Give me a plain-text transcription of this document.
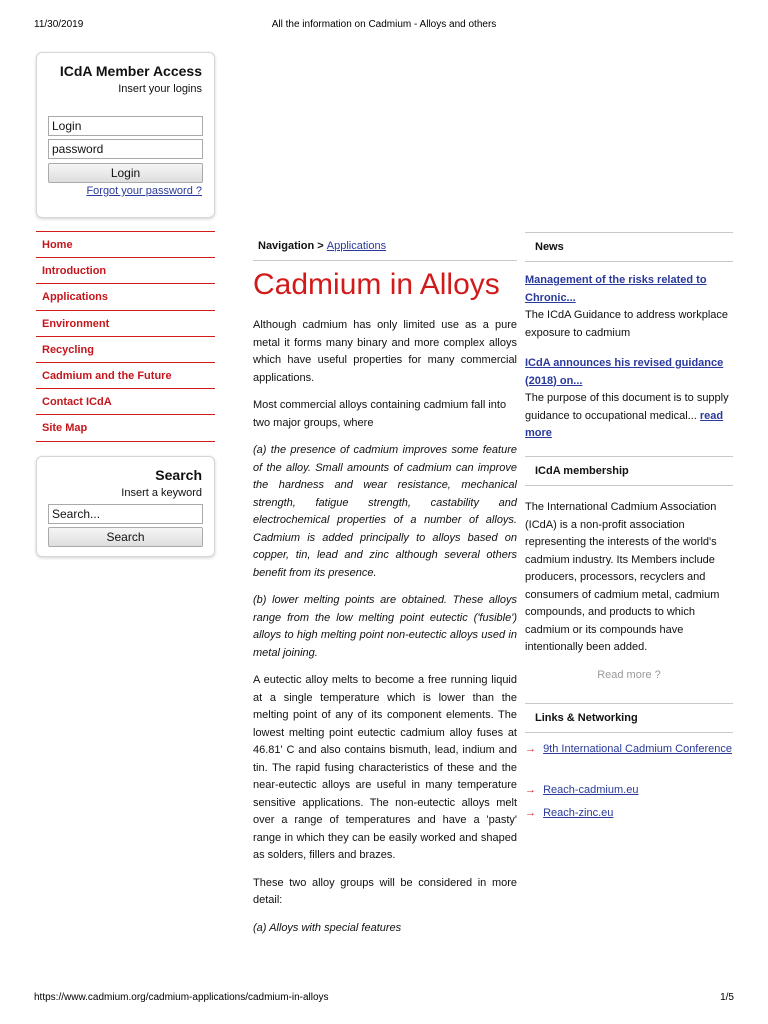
11/30/2019	All the information on Cadmium - Alloys and others
ICdA Member Access
Insert your logins
Login
password
Login
Forgot your password ?
Home
Introduction
Applications
Environment
Recycling
Cadmium and the Future
Contact ICdA
Site Map
Search
Insert a keyword
Search...
Search
Navigation > Applications
Cadmium in Alloys

Although cadmium has only limited use as a pure metal it forms many binary and more complex alloys which have useful properties for many commercial applications.

Most commercial alloys containing cadmium fall into two major groups, where

(a) the presence of cadmium improves some feature of the alloy. Small amounts of cadmium can improve the hardness and wear resistance, mechanical strength, fatigue strength, castability and electrochemical properties of a number of alloys. Cadmium is added principally to alloys based on copper, tin, lead and zinc although several others benefit from its presence.

(b) lower melting points are obtained. These alloys range from the low melting point eutectic ('fusible') alloys to high melting point non-eutectic alloys used in metal joining.

A eutectic alloy melts to become a free running liquid at a single temperature which is lower than the melting point of any of its component elements. The lowest melting point eutectic cadmium alloy fuses at 46.81' C and also contains bismuth, lead, indium and tin. The rapid fusing characteristics of these and the near-eutectic alloys are useful in many temperature sensitive applications. The non-eutectic alloys melt over a range of temperatures and have a 'pasty' range in which they can be easily worked and shaped as solders, fillers and brazes.

These two alloy groups will be considered in more detail:

(a) Alloys with special features

News
Management of the risks related to Chronic...
The ICdA Guidance to address workplace exposure to cadmium
ICdA announces his revised guidance (2018) on...
The purpose of this document is to supply guidance to occupational medical... read more
ICdA membership
The International Cadmium Association (ICdA) is a non-profit association representing the interests of the world's cadmium industry. Its Members include producers, processors, recyclers and consumers of cadmium metal, cadmium compounds, and products to which cadmium or its compounds have intentionally been added.
Read more ?
Links & Networking
→ 9th International Cadmium Conference
→ Reach-cadmium.eu
→ Reach-zinc.eu
https://www.cadmium.org/cadmium-applications/cadmium-in-alloys	1/5
